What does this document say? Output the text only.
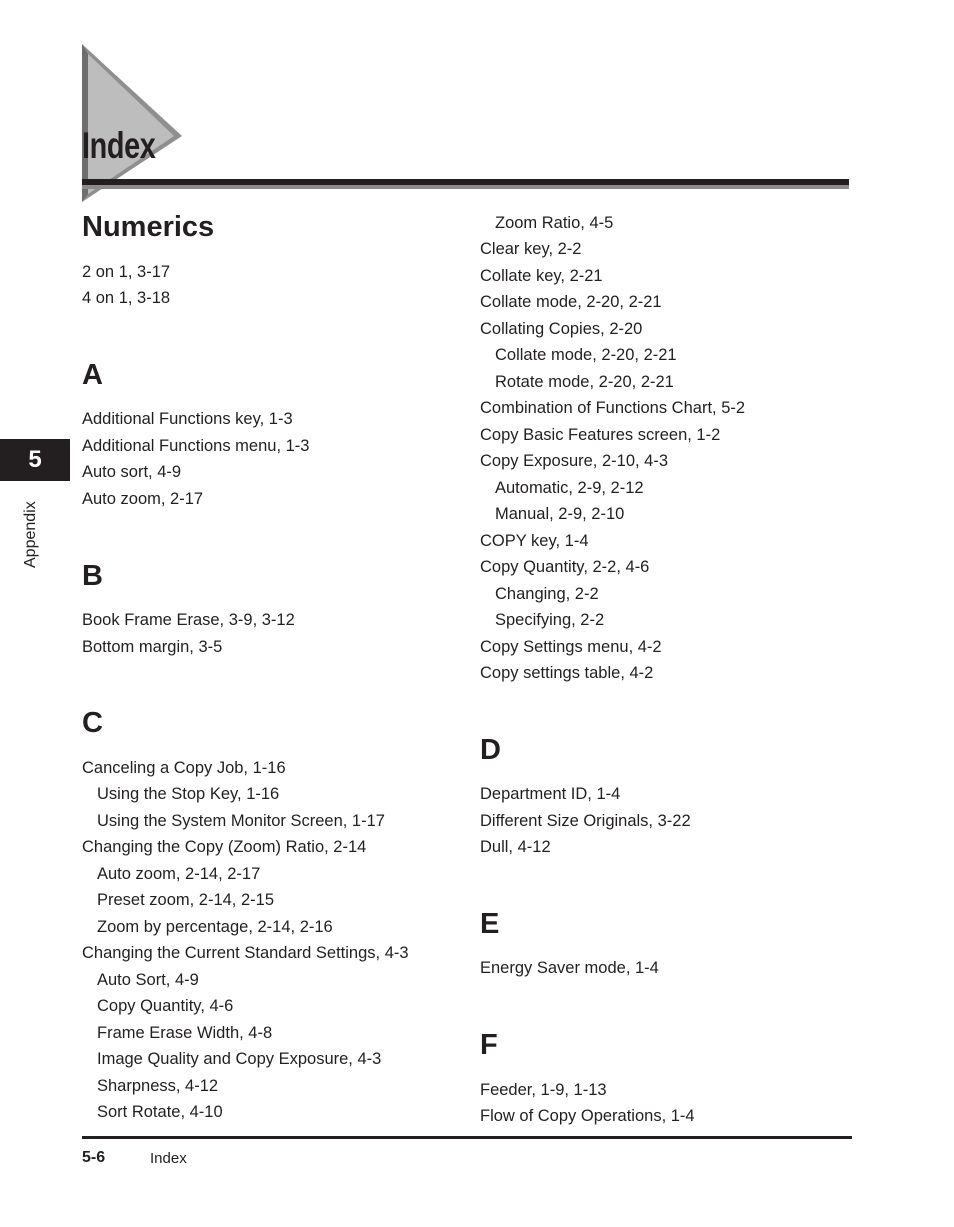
Index
5
Appendix
Numerics
2 on 1, 3-17
4 on 1, 3-18
A
Additional Functions key, 1-3
Additional Functions menu, 1-3
Auto sort, 4-9
Auto zoom, 2-17
B
Book Frame Erase, 3-9, 3-12
Bottom margin, 3-5
C
Canceling a Copy Job, 1-16
Using the Stop Key, 1-16
Using the System Monitor Screen, 1-17
Changing the Copy (Zoom) Ratio, 2-14
Auto zoom, 2-14, 2-17
Preset zoom, 2-14, 2-15
Zoom by percentage, 2-14, 2-16
Changing the Current Standard Settings, 4-3
Auto Sort, 4-9
Copy Quantity, 4-6
Frame Erase Width, 4-8
Image Quality and Copy Exposure, 4-3
Sharpness, 4-12
Sort Rotate, 4-10
Zoom Ratio, 4-5
Clear key, 2-2
Collate key, 2-21
Collate mode, 2-20, 2-21
Collating Copies, 2-20
Collate mode, 2-20, 2-21
Rotate mode, 2-20, 2-21
Combination of Functions Chart, 5-2
Copy Basic Features screen, 1-2
Copy Exposure, 2-10, 4-3
Automatic, 2-9, 2-12
Manual, 2-9, 2-10
COPY key, 1-4
Copy Quantity, 2-2, 4-6
Changing, 2-2
Specifying, 2-2
Copy Settings menu, 4-2
Copy settings table, 4-2
D
Department ID, 1-4
Different Size Originals, 3-22
Dull, 4-12
E
Energy Saver mode, 1-4
F
Feeder, 1-9, 1-13
Flow of Copy Operations, 1-4
5-6	Index
